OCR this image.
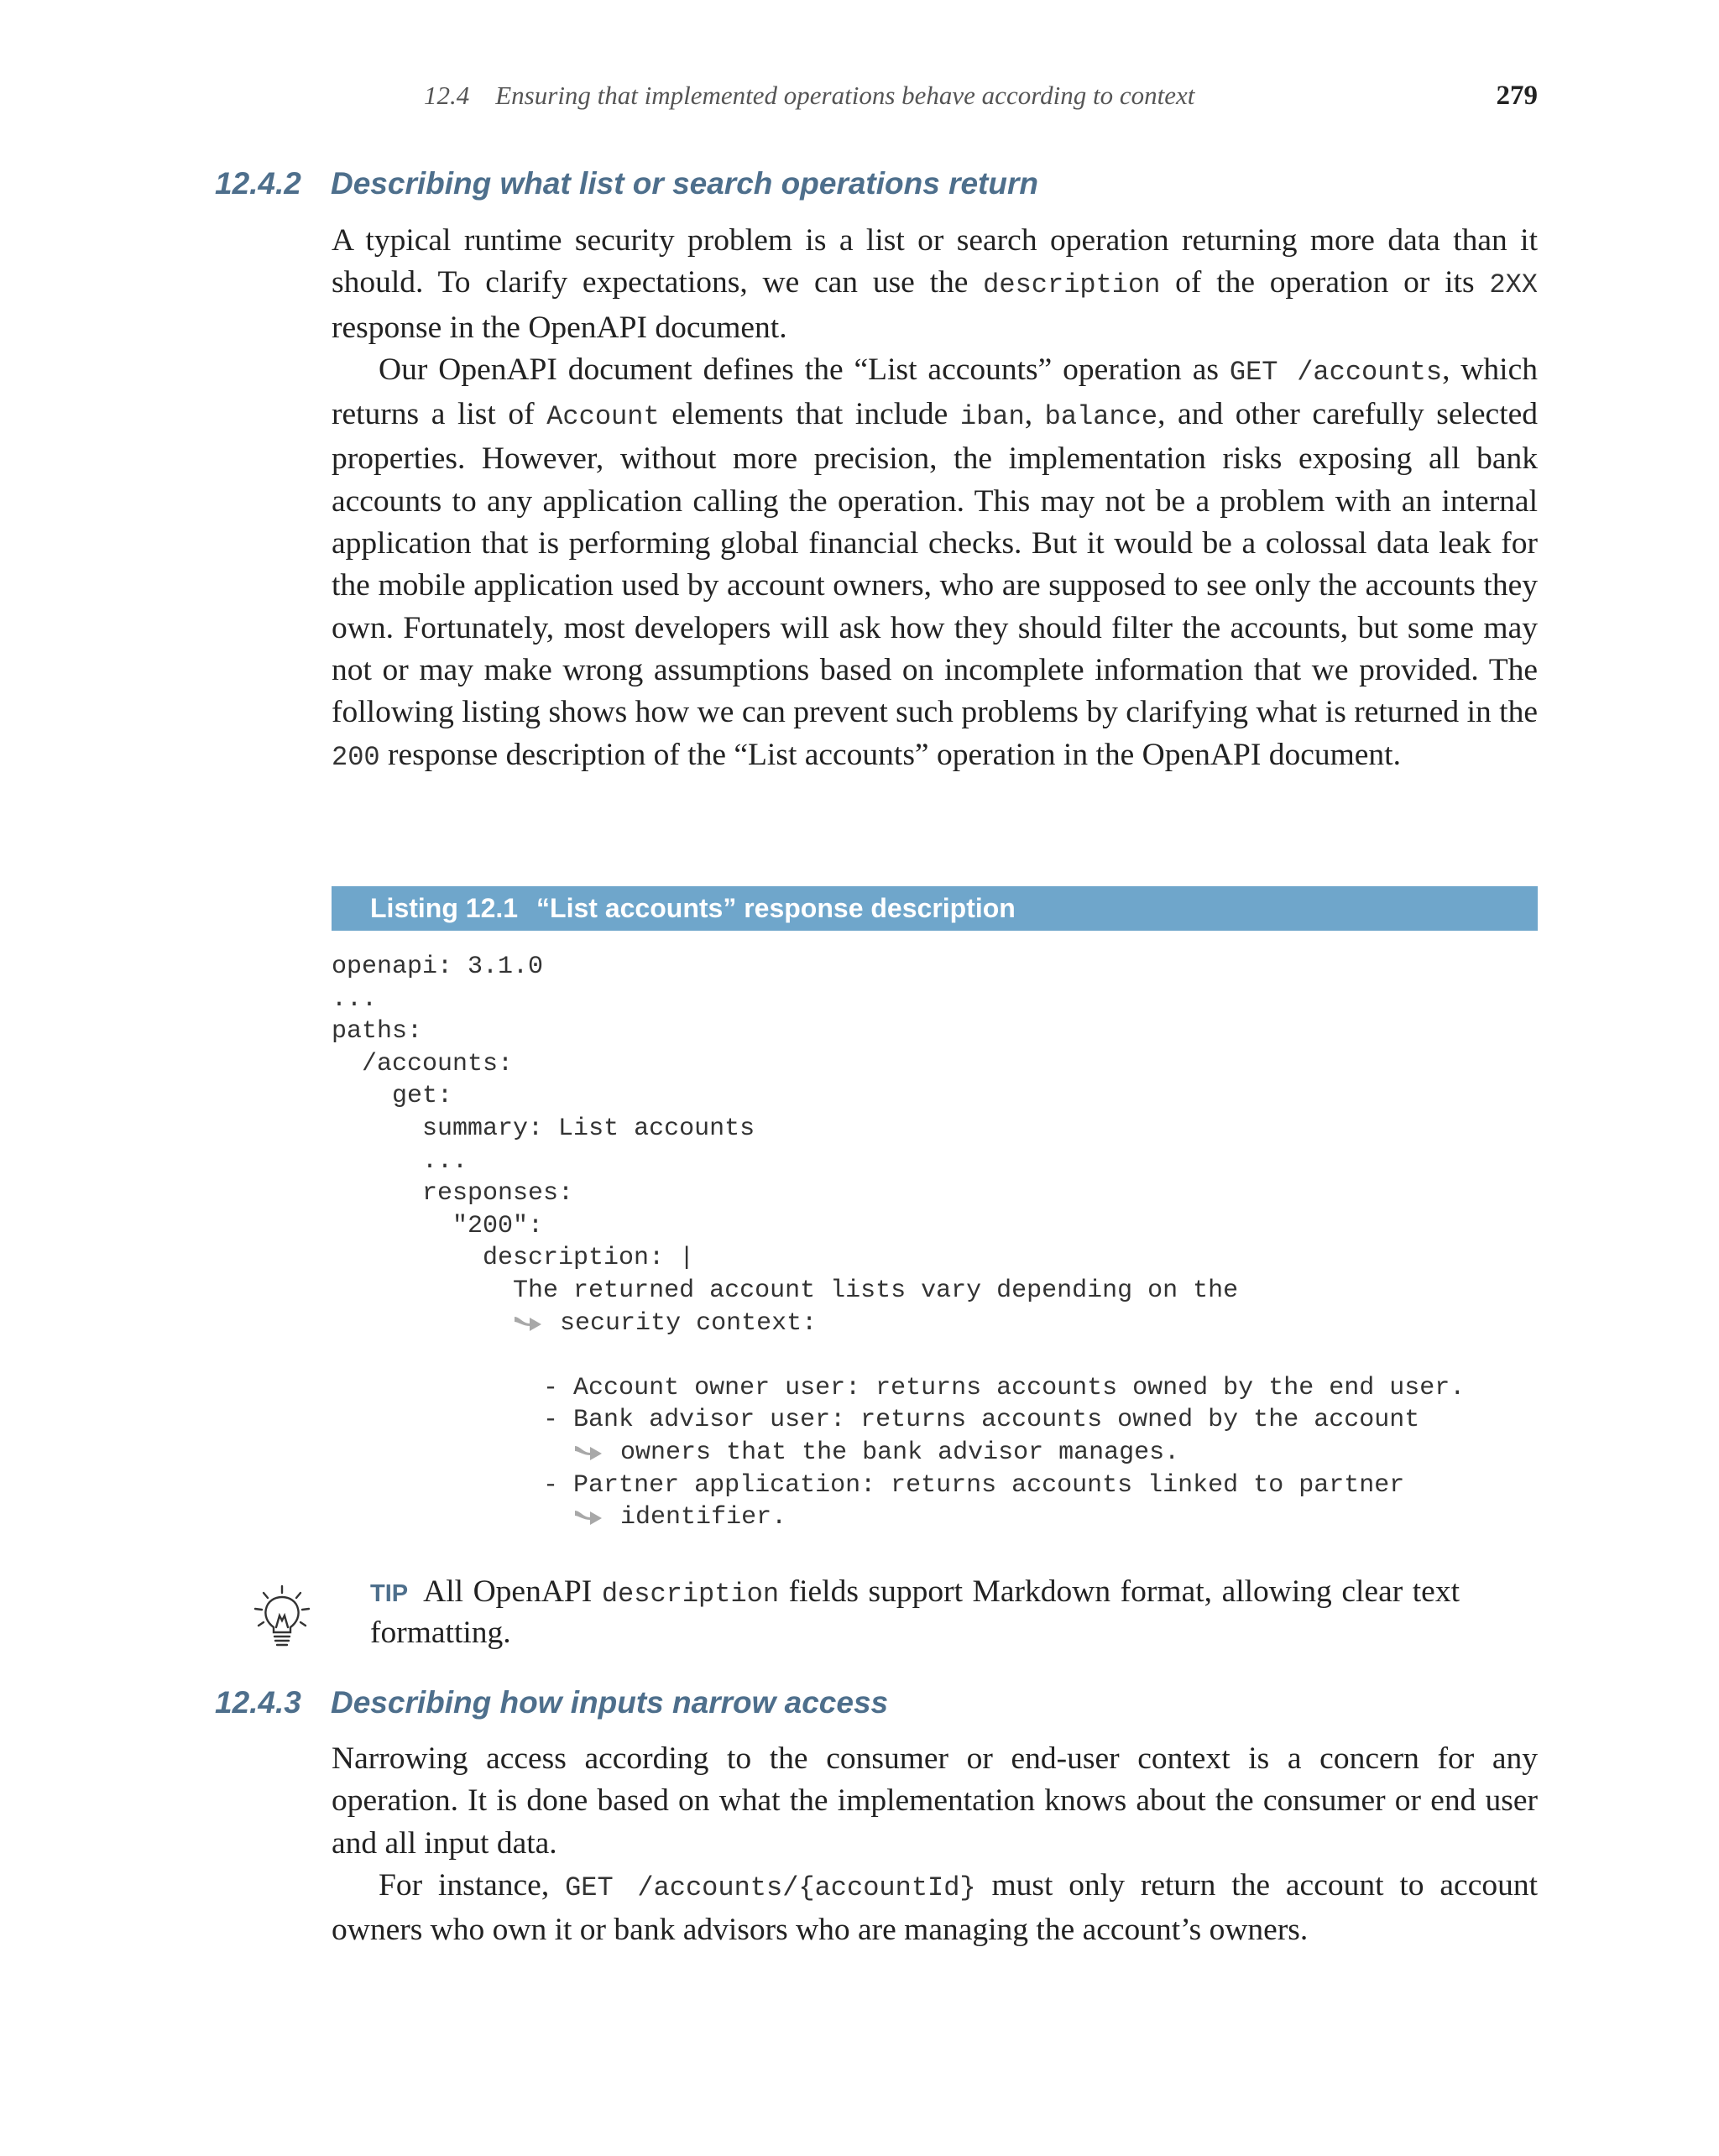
12.4    Ensuring that implemented operations behave according to context	279
12.4.2 Describing what list or search operations return

A typical runtime security problem is a list or search operation returning more data than it should. To clarify expectations, we can use the description of the operation or its 2XX response in the OpenAPI document.

Our OpenAPI document defines the “List accounts” operation as GET /accounts, which returns a list of Account elements that include iban, balance, and other carefully selected properties. However, without more precision, the implementation risks exposing all bank accounts to any application calling the operation. This may not be a problem with an internal application that is performing global financial checks. But it would be a colossal data leak for the mobile application used by account owners, who are supposed to see only the accounts they own. Fortunately, most developers will ask how they should filter the accounts, but some may not or may make wrong assumptions based on incomplete information that we provided. The following listing shows how we can prevent such problems by clarifying what is returned in the 200 response description of the “List accounts” operation in the OpenAPI document.

Listing 12.1 “List accounts” response description
openapi: 3.1.0
...
paths:
/accounts:
get:
summary: List accounts
...
responses:
"200":
description: |
The returned account lists vary depending on the
security context:
- Account owner user: returns accounts owned by the end user.
- Bank advisor user: returns accounts owned by the account
owners that the bank advisor manages.
- Partner application: returns accounts linked to partner
identifier.
TIP All OpenAPI description fields support Markdown format, allowing clear text formatting.
12.4.3 Describing how inputs narrow access

Narrowing access according to the consumer or end-user context is a concern for any operation. It is done based on what the implementation knows about the consumer or end user and all input data.

For instance, GET /accounts/{accountId} must only return the account to account owners who own it or bank advisors who are managing the account’s owners.
